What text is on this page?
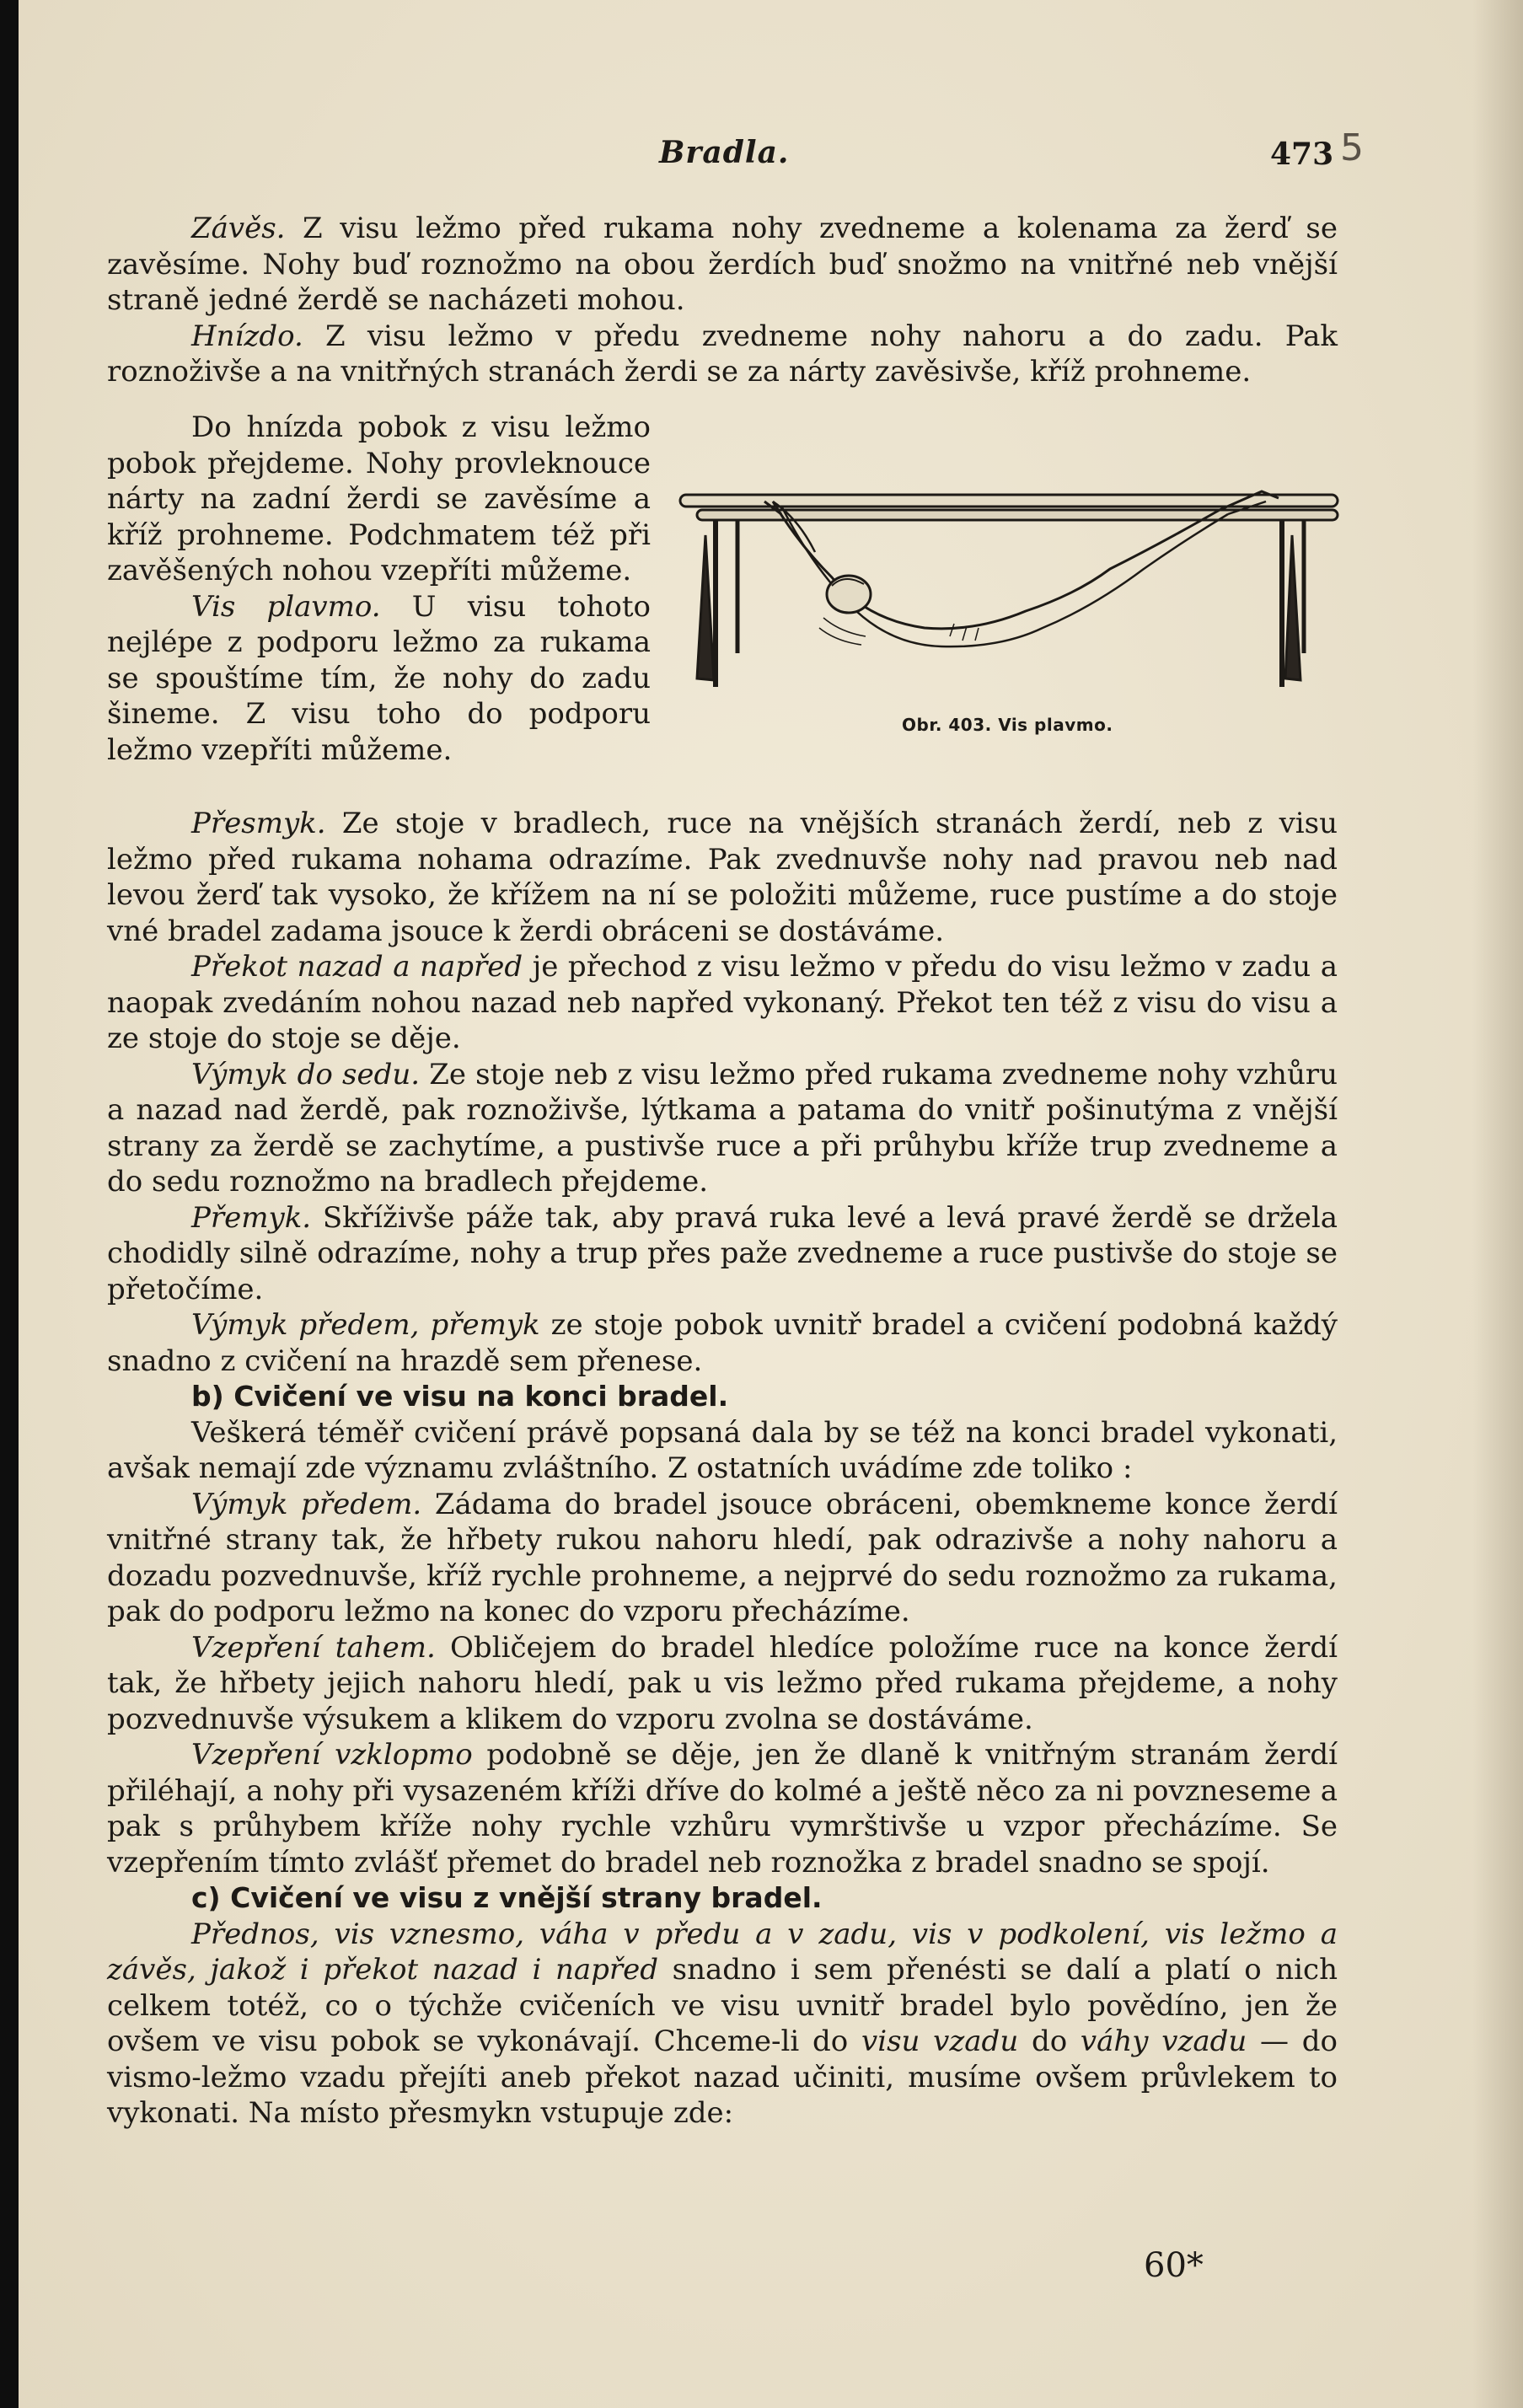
Bradla.	473 5

Závěs. Z visu ležmo před rukama nohy zvedneme a kolenama za žerď se zavěsíme. Nohy buď roznožmo na obou žerdích buď snožmo na vnitřné neb vnější straně jedné žerdě se nacházeti mohou.

Hnízdo. Z visu ležmo v předu zvedneme nohy nahoru a do zadu. Pak roznoživše a na vnitřných stranách žerdi se za nárty zavěsivše, kříž prohneme.

Do hnízda pobok z visu ležmo pobok přejdeme. Nohy provleknouce nárty na zadní žerdi se zavěsíme a kříž prohneme. Podchmatem též při zavěšených nohou vzepříti můžeme.

Vis plavmo. U visu tohoto nejlépe z podporu ležmo za rukama se spouštíme tím, že nohy do zadu šineme. Z visu toho do podporu ležmo vzepříti můžeme.

Obr. 403. Vis plavmo.

Přesmyk. Ze stoje v bradlech, ruce na vnějších stranách žerdí, neb z visu ležmo před rukama nohama odrazíme. Pak zvednuvše nohy nad pravou neb nad levou žerď tak vysoko, že křížem na ní se položiti můžeme, ruce pustíme a do stoje vné bradel zadama jsouce k žerdi obráceni se dostáváme.

Překot nazad a napřed je přechod z visu ležmo v předu do visu ležmo v zadu a naopak zvedáním nohou nazad neb napřed vykonaný. Překot ten též z visu do visu a ze stoje do stoje se děje.

Výmyk do sedu. Ze stoje neb z visu ležmo před rukama zvedneme nohy vzhůru a nazad nad žerdě, pak roznoživše, lýtkama a patama do vnitř pošinutýma z vnější strany za žerdě se zachytíme, a pustivše ruce a při průhybu kříže trup zvedneme a do sedu roznožmo na bradlech přejdeme.

Přemyk. Skříživše páže tak, aby pravá ruka levé a levá pravé žerdě se držela chodidly silně odrazíme, nohy a trup přes paže zvedneme a ruce pustivše do stoje se přetočíme.

Výmyk předem, přemyk ze stoje pobok uvnitř bradel a cvičení podobná každý snadno z cvičení na hrazdě sem přenese.

b) Cvičení ve visu na konci bradel.

Veškerá téměř cvičení právě popsaná dala by se též na konci bradel vykonati, avšak nemají zde významu zvláštního. Z ostatních uvádíme zde toliko :

Výmyk předem. Zádama do bradel jsouce obráceni, obemkneme konce žerdí vnitřné strany tak, že hřbety rukou nahoru hledí, pak odrazivše a nohy nahoru a dozadu pozvednuvše, kříž rychle prohneme, a nejprvé do sedu roznožmo za rukama, pak do podporu ležmo na konec do vzporu přecházíme.

Vzepření tahem. Obličejem do bradel hledíce položíme ruce na konce žerdí tak, že hřbety jejich nahoru hledí, pak u vis ležmo před rukama přejdeme, a nohy pozvednuvše výsukem a klikem do vzporu zvolna se dostáváme.

Vzepření vzklopmo podobně se děje, jen že dlaně k vnitřným stranám žerdí přiléhají, a nohy při vysazeném kříži dříve do kolmé a ještě něco za ni povzneseme a pak s průhybem kříže nohy rychle vzhůru vymrštivše u vzpor přecházíme. Se vzepřením tímto zvlášť přemet do bradel neb roznožka z bradel snadno se spojí.

c) Cvičení ve visu z vnější strany bradel.

Přednos, vis vznesmo, váha v předu a v zadu, vis v podkolení, vis ležmo a závěs, jakož i překot nazad i napřed snadno i sem přenésti se dalí a platí o nich celkem totéž, co o týchže cvičeních ve visu uvnitř bradel bylo povědíno, jen že ovšem ve visu pobok se vykonávají. Chceme-li do visu vzadu do váhy vzadu — do vismo-ležmo vzadu přejíti aneb překot nazad učiniti, musíme ovšem průvlekem to vykonati. Na místo přesmykn vstupuje zde:

60*
